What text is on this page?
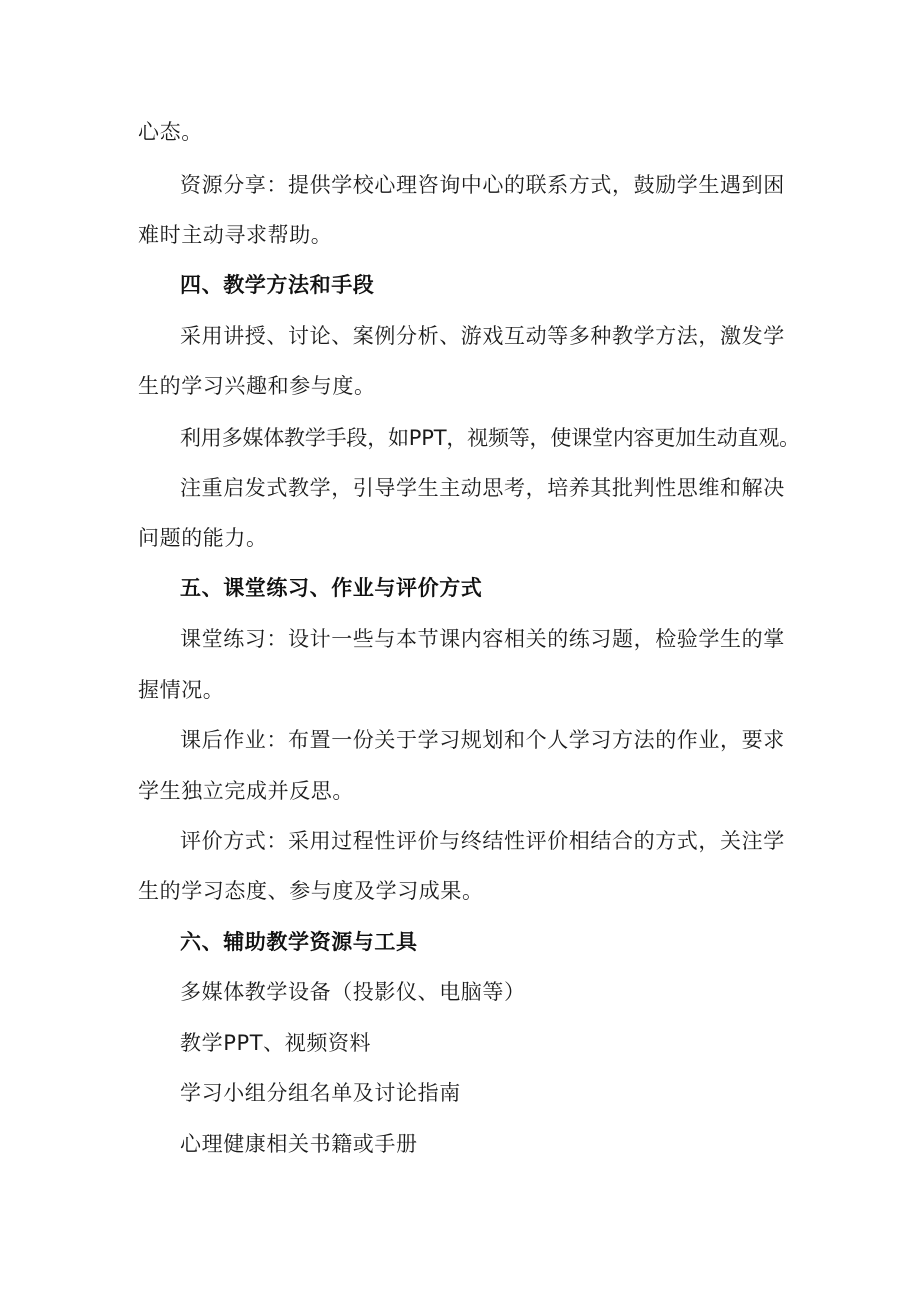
心态。

资源分享：提供学校心理咨询中心的联系方式，鼓励学生遇到困

难时主动寻求帮助。

四、教学方法和手段

采用讲授、讨论、案例分析、游戏互动等多种教学方法，激发学

生的学习兴趣和参与度。

利用多媒体教学手段，如PPT，视频等，使课堂内容更加生动直观。

注重启发式教学，引导学生主动思考，培养其批判性思维和解决

问题的能力。

五、课堂练习、作业与评价方式

课堂练习：设计一些与本节课内容相关的练习题，检验学生的掌

握情况。

课后作业：布置一份关于学习规划和个人学习方法的作业，要求

学生独立完成并反思。

评价方式：采用过程性评价与终结性评价相结合的方式，关注学

生的学习态度、参与度及学习成果。

六、辅助教学资源与工具

多媒体教学设备（投影仪、电脑等）

教学PPT、视频资料

学习小组分组名单及讨论指南

心理健康相关书籍或手册
